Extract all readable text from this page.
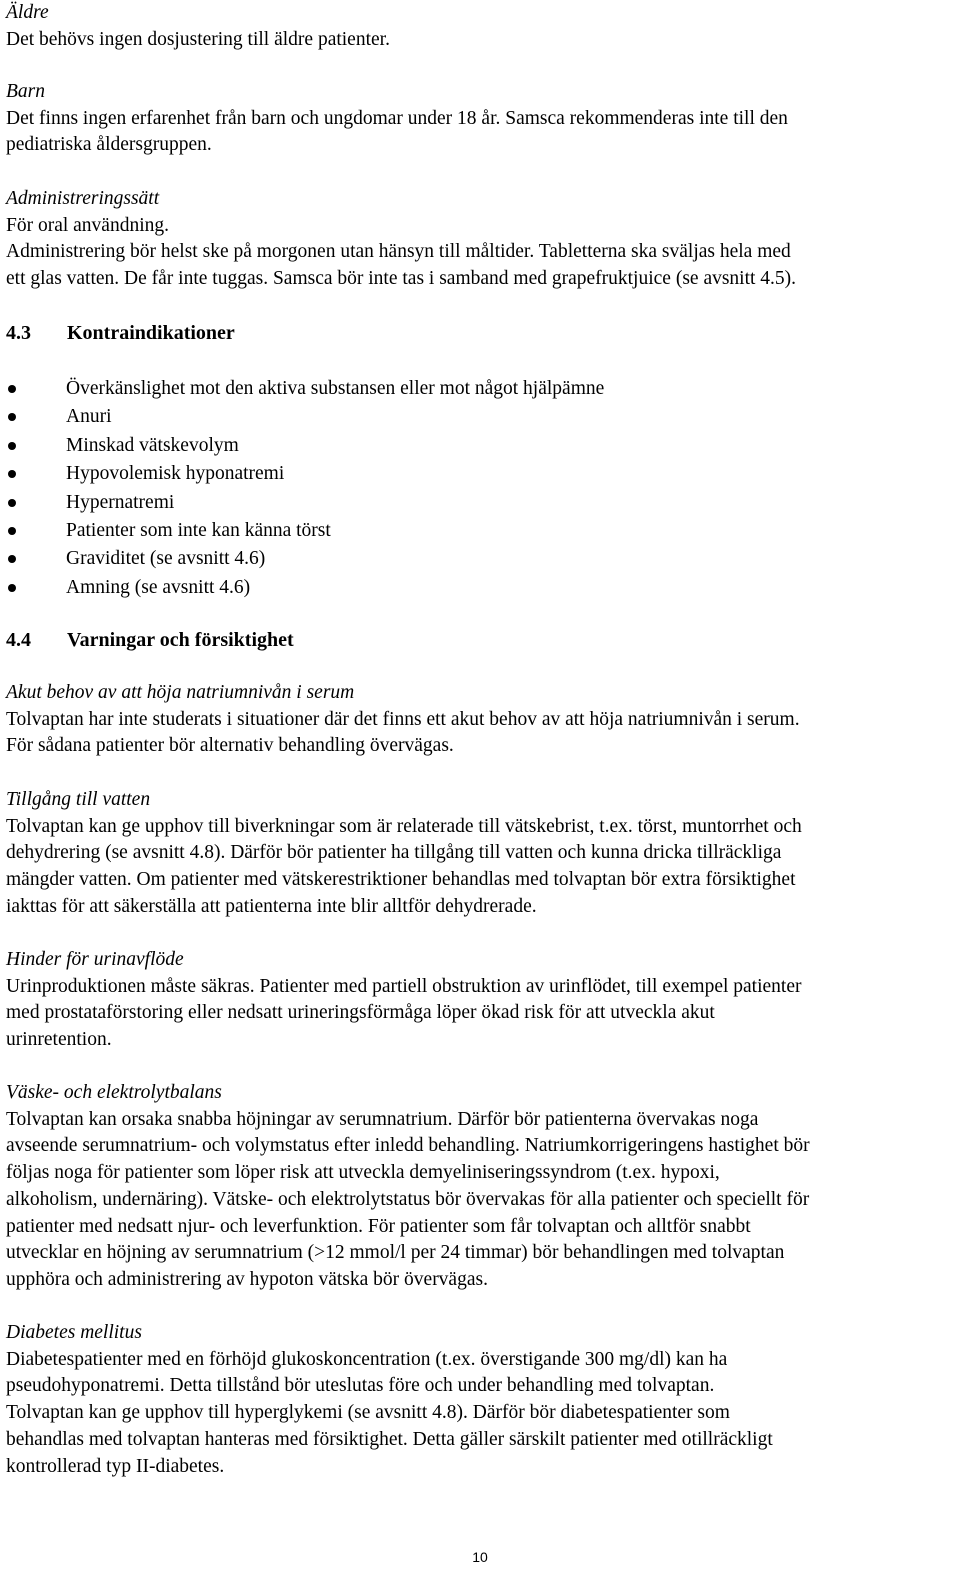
Äldre
Det behövs ingen dosjustering till äldre patienter.
Barn
Det finns ingen erfarenhet från barn och ungdomar under 18 år. Samsca rekommenderas inte till den
pediatriska åldersgruppen.
Administreringssätt
För oral användning.
Administrering bör helst ske på morgonen utan hänsyn till måltider. Tabletterna ska sväljas hela med
ett glas vatten. De får inte tuggas. Samsca bör inte tas i samband med grapefruktjuice (se avsnitt 4.5).
4.3 Kontraindikationer
Överkänslighet mot den aktiva substansen eller mot något hjälpämne
Anuri
Minskad vätskevolym
Hypovolemisk hyponatremi
Hypernatremi
Patienter som inte kan känna törst
Graviditet (se avsnitt 4.6)
Amning (se avsnitt 4.6)
4.4 Varningar och försiktighet
Akut behov av att höja natriumnivån i serum
Tolvaptan har inte studerats i situationer där det finns ett akut behov av att höja natriumnivån i serum.
För sådana patienter bör alternativ behandling övervägas.
Tillgång till vatten
Tolvaptan kan ge upphov till biverkningar som är relaterade till vätskebrist, t.ex. törst, muntorrhet och
dehydrering (se avsnitt 4.8). Därför bör patienter ha tillgång till vatten och kunna dricka tillräckliga
mängder vatten. Om patienter med vätskerestriktioner behandlas med tolvaptan bör extra försiktighet
iakttas för att säkerställa att patienterna inte blir alltför dehydrerade.
Hinder för urinavflöde
Urinproduktionen måste säkras. Patienter med partiell obstruktion av urinflödet, till exempel patienter
med prostataförstoring eller nedsatt urineringsförmåga löper ökad risk för att utveckla akut
urinretention.
Väske- och elektrolytbalans
Tolvaptan kan orsaka snabba höjningar av serumnatrium. Därför bör patienterna övervakas noga
avseende serumnatrium- och volymstatus efter inledd behandling. Natriumkorrigeringens hastighet bör
följas noga för patienter som löper risk att utveckla demyeliniseringssyndrom (t.ex. hypoxi,
alkoholism, undernäring). Vätske- och elektrolytstatus bör övervakas för alla patienter och speciellt för
patienter med nedsatt njur- och leverfunktion. För patienter som får tolvaptan och alltför snabbt
utvecklar en höjning av serumnatrium (>12 mmol/l per 24 timmar) bör behandlingen med tolvaptan
upphöra och administrering av hypoton vätska bör övervägas.
Diabetes mellitus
Diabetespatienter med en förhöjd glukoskoncentration (t.ex. överstigande 300 mg/dl) kan ha
pseudohyponatremi. Detta tillstånd bör uteslutas före och under behandling med tolvaptan.
Tolvaptan kan ge upphov till hyperglykemi (se avsnitt 4.8). Därför bör diabetespatienter som
behandlas med tolvaptan hanteras med försiktighet. Detta gäller särskilt patienter med otillräckligt
kontrollerad typ II-diabetes.
10
